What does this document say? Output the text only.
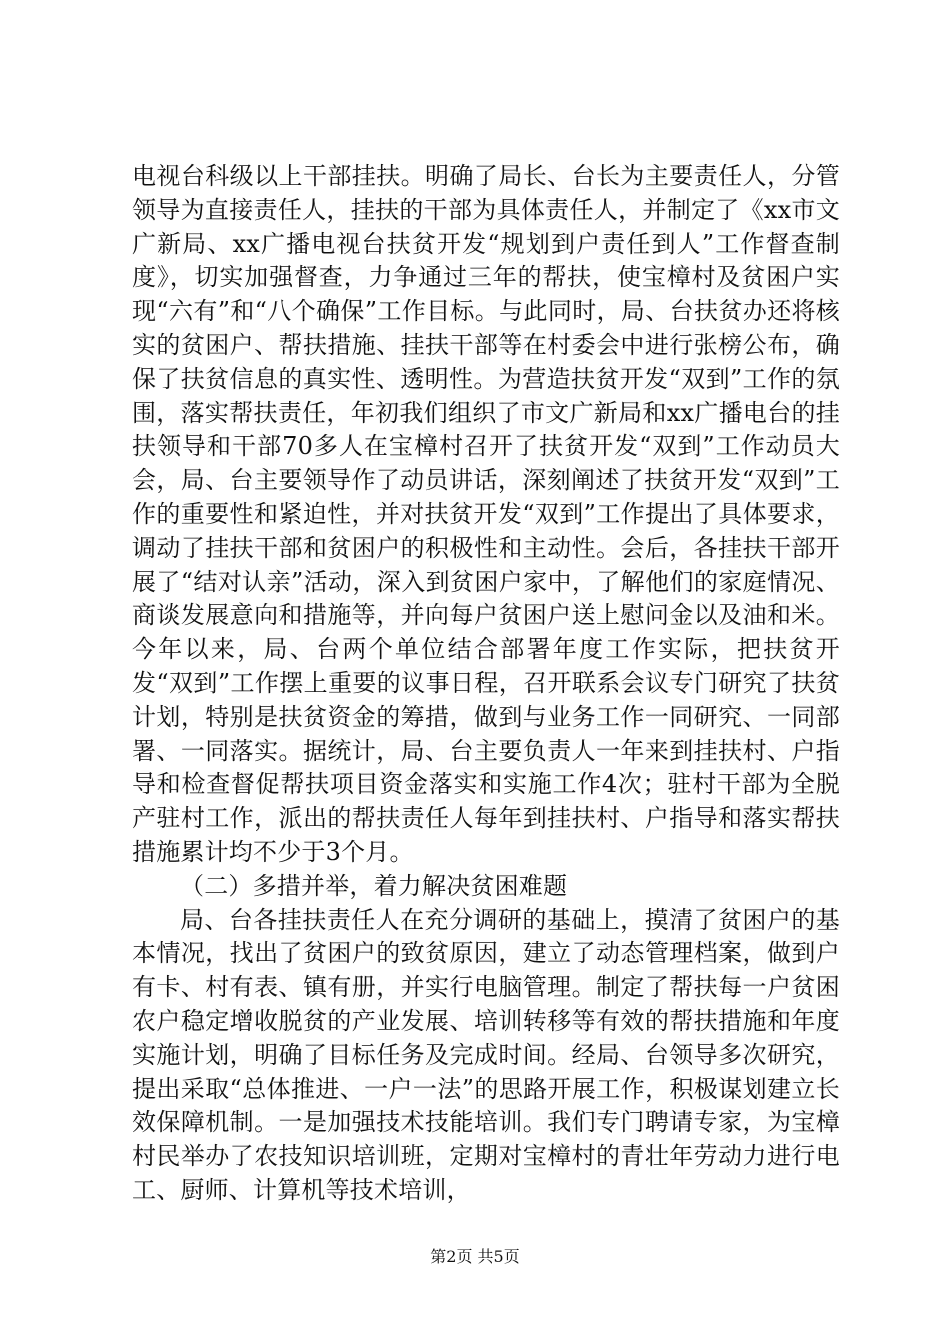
电视台科级以上干部挂扶。明确了局长、台长为主要责任人，分管领导为直接责任人，挂扶的干部为具体责任人，并制定了《xx市文广新局、xx广播电视台扶贫开发“规划到户责任到人”工作督查制度》，切实加强督查，力争通过三年的帮扶，使宝樟村及贫困户实现“六有”和“八个确保”工作目标。与此同时，局、台扶贫办还将核实的贫困户、帮扶措施、挂扶干部等在村委会中进行张榜公布，确保了扶贫信息的真实性、透明性。为营造扶贫开发“双到”工作的氛围，落实帮扶责任，年初我们组织了市文广新局和xx广播电台的挂扶领导和干部70多人在宝樟村召开了扶贫开发“双到”工作动员大会，局、台主要领导作了动员讲话，深刻阐述了扶贫开发“双到”工作的重要性和紧迫性，并对扶贫开发“双到”工作提出了具体要求，调动了挂扶干部和贫困户的积极性和主动性。会后，各挂扶干部开展了“结对认亲”活动，深入到贫困户家中，了解他们的家庭情况、商谈发展意向和措施等，并向每户贫困户送上慰问金以及油和米。今年以来，局、台两个单位结合部署年度工作实际，把扶贫开发“双到”工作摆上重要的议事日程，召开联系会议专门研究了扶贫计划，特别是扶贫资金的筹措，做到与业务工作一同研究、一同部署、一同落实。据统计，局、台主要负责人一年来到挂扶村、户指导和检查督促帮扶项目资金落实和实施工作4次；驻村干部为全脱产驻村工作，派出的帮扶责任人每年到挂扶村、户指导和落实帮扶措施累计均不少于3个月。

（二）多措并举，着力解决贫困难题

局、台各挂扶责任人在充分调研的基础上，摸清了贫困户的基本情况，找出了贫困户的致贫原因，建立了动态管理档案，做到户有卡、村有表、镇有册，并实行电脑管理。制定了帮扶每一户贫困农户稳定增收脱贫的产业发展、培训转移等有效的帮扶措施和年度实施计划，明确了目标任务及完成时间。经局、台领导多次研究，提出采取“总体推进、一户一法”的思路开展工作，积极谋划建立长效保障机制。一是加强技术技能培训。我们专门聘请专家，为宝樟村民举办了农技知识培训班，定期对宝樟村的青壮年劳动力进行电工、厨师、计算机等技术培训，

第2页 共5页
